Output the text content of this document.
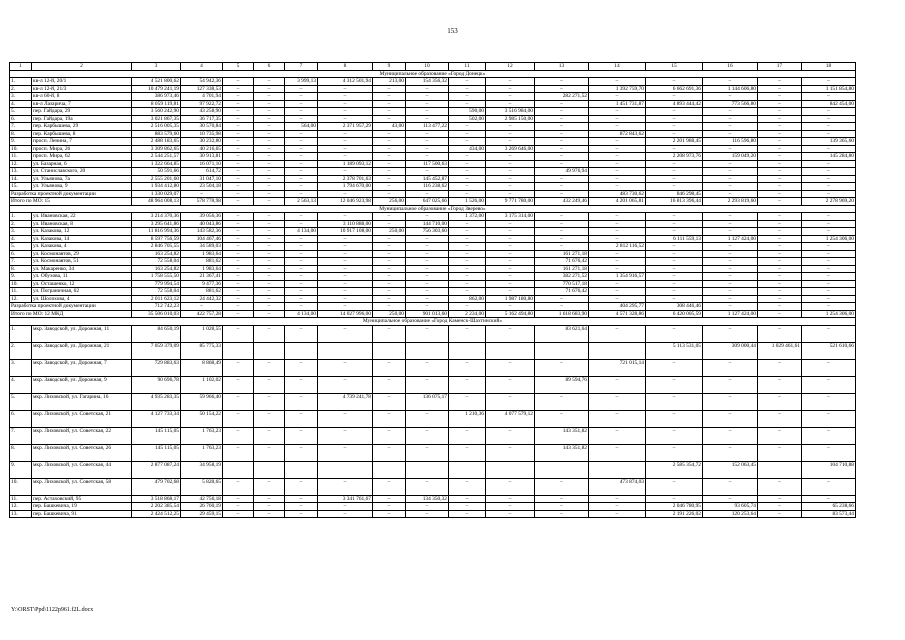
153
1	2	3	4	5	6	7	8	9	10	11	12	13	14	15	16	17	18
Муниципальное образование «Город Донецк»																	
1.	кв-л 12-й, 20/1	4 521 800,62	54 942,36	–	–	3 999,13	4 312 501,94	213,00	154 356,32	–	–	–	–	–	–	–	–
2.	кв-л 12-й, 21/3	10 479 241,19	127 338,53	–	–	–	–	–	–	–	–	–	1 392 759,70	6 662 691,36	1 144 606,80	–	1 151 854,80
3.	кв-л 60-й, 8	386 973,46	4 701,94	–	–	–	–	–	–	–	–	282 271,52	–	–	–	–	–
4.	кв-л Лазарича, 7	8 059 119,81	97 922,72	–	–	–	–	–	–	–	–	–	1 451 731,87	4 893 444,42	773 566,80	–	842 454,00
5.	пер. Гайдара, 29	3 560 242,90	43 258,90	–	–	–	–	–	–	590,00	3 516 984,00	–	–	–	–	–	–
6.	пер. Гайдара, 19а	3 021 867,35	36 717,35	–	–	–	–	–	–	502,00	2 985 150,00	–	–	–	–	–	–
7.	пер. Карбышева, 29	2 516 005,35	30 570,84	–	–	564,00	2 371 957,29	43,00	113 477,22	–	–	–	–	–	–	–	–
8.	пер. Карбышева, 8	883 579,60	10 735,98	–	–	–	–	–	–	–	–	–	872 843,62	–	–	–	–
9.	просп. Ленина, 7	2 488 183,65	30 232,80	–	–	–	–	–	–	–	–	–	–	2 201 988,45	116 596,80	–	139 365,60
10.	просп. Мира, 26	3 309 862,65	40 216,65	–	–	–	–	–	–	434,00	3 269 646,00	–	–	–	–	–	–
11.	просп. Мира, 62	2 544 251,57	30 913,81	–	–	–	–	–	–	–	–	–	–	2 208 973,76	159 049,20	–	145 284,80
12.	ул. Базарная, 6	1 322 664,85	16 071,10	–	–	–	1 189 093,12	–	117 500,63	–	–	–	–	–	–	–	–
13.	ул. Станиславского, 20	50 591,66	614,72	–	–	–	–	–	–	–	–	49 976,94	–	–	–	–	–
14.	ул. Ульянова, 7а	2 555 201,60	31 047,10	–	–	–	2 378 701,63	–	145 452,87	–	–	–	–	–	–	–	–
15.	ул. Ульянова, 9	1 934 412,80	23 504,18	–	–	–	1 794 670,00	–	116 238,62	–	–	–	–	–	–	–	–
Разработка проектной документации		1 330 029,07	–	–	–	–	–	–	–	–	–	–	483 730,62	846 298,45	–	–	–
Итого по МО: 15		48 964 008,13	578 778,98	–	–	2 563,13	12 046 923,98	256,00	647 025,66	1 526,00	9 771 780,00	432 249,46	4 201 065,81	16 813 396,44	2 293 819,60	–	2 278 969,20
Муниципальное образование «Город Зверево»																	
1.	ул. Ивановская, 22	3 214 370,36	39 056,36	–	–	–	–	–	–	1 372,00	3 175 314,00	–	–	–	–	–	–
2.	ул. Ивановская, 8	3 295 641,86	40 043,86	–	–	–	3 110 888,00	–	144 710,00	–	–	–	–	–	–	–	–
3.	ул. Казакова, 12	11 816 994,36	143 582,36	–	–	4 134,00	10 917 108,00	250,00	756 303,60	–	–	–	–	–	–	–	–
4.	ул. Казакова, 14	8 597 756,59	104 467,46	–	–	–	–	–	–	–	–	–	–	6 111 559,13	1 127 424,00	–	1 254 306,00
5.	ул. Казакова, 4	2 846 705,55	34 589,03	–	–	–	–	–	–	–	–	–	2 812 116,52	–	–	–	–
6.	ул. Космонавтов, 29	163 254,82	1 983,64	–	–	–	–	–	–	–	–	161 271,18	–	–	–	–	–
7.	ул. Космонавтов, 51	72 558,04	881,62	–	–	–	–	–	–	–	–	71 676,42	–	–	–	–	–
8.	ул. Макаренко, 34	163 254,82	1 983,64	–	–	–	–	–	–	–	–	161 271,18	–	–	–	–	–
9.	ул. Обухова, 11	1 758 555,50	21 367,41	–	–	–	–	–	–	–	–	382 271,52	1 354 916,57	–	–	–	–
10.	ул. Осташенко, 12	779 994,54	9 477,36	–	–	–	–	–	–	–	–	770 517,18	–	–	–	–	–
11.	ул. Пограничная, 62	72 558,04	881,62	–	–	–	–	–	–	–	–	71 676,42	–	–	–	–	–
12.	ул. Шолохова, 4	2 011 623,12	24 442,32	–	–	–	–	–	–	862,00	1 987 180,80	–	–	–	–	–	–
Разработка проектной документации		712 742,23	–	–	–	–	–	–	–	–	–	–	404 295,77	308 446,46	–	–	–
Итого по МО: 12 МКД		35 506 010,03	422 757,28	–	–	4 134,00	14 027 996,00	250,00	901 013,60	2 234,00	5 162 494,80	1 618 683,90	4 571 328,86	6 420 005,59	1 127 424,00	–	1 254 306,00
Муниципальное образование «Город Каменск-Шахтинский»																	
1.	мкр. Заводской, ул. Дорожная, 11	84 650,19	1 028,55	–	–	–	–	–	–	–	–	83 621,64	–	–	–	–	–
2.	мкр. Заводской, ул. Дорожная, 21	7 059 379,09	85 775,33											5 113 531,05	309 000,44	1 029 461,61	521 610,66
3.	мкр. Заводской, ул. Дорожная, 7	729 883,63	8 868,49	–	–	–	–	–	–	–	–	–	721 015,14	–	–	–	–
4.	мкр. Заводской, ул. Дорожная, 9	90 696,78	1 102,02	–	–	–	–	–	–	–	–	89 594,76	–	–	–	–	–
5.	мкр. Лиховской, ул. Гагарина, 16	4 935 283,35	59 966,40	–	–	–	4 739 241,78	–	136 075,17	–	–	–	–	–	–	–	–
6.	мкр. Лиховской, ул. Советская, 21	4 127 733,34	50 154,22	–	–	–	–	–	–	1 210,36	4 077 579,12	–	–	–	–	–	–
7.	мкр. Лиховской, ул. Советская, 22	145 115,05	1 763,23	–	–	–	–	–	–	–	–	143 351,82	–	–	–	–	–
8.	мкр. Лиховской, ул. Советская, 26	145 115,05	1 763,23	–	–	–	–	–	–	–	–	143 351,82	–	–	–	–	–
9.	мкр. Лиховской, ул. Советская, 44	2 877 087,24	34 958,19											2 585 354,72	152 063,45		104 710,88
10.	мкр. Лиховской, ул. Советская, 58	479 702,68	5 828,65	–	–	–	–	–	–	–	–	–	473 874,03	–	–	–	–
11.	пер. Астаховский, 95	3 518 868,17	42 756,18	–	–	–	3 341 761,67	–	134 350,32	–	–	–	–	–	–	–	–
12.	пер. Башкевича, 19	2 202 385,54	26 760,19	–	–	–	–	–	–	–	–	–	–	2 046 780,95	93 605,74	–	65 238,66
13.	пер. Башкевича, 91	2 424 512,25	29 459,15	–	–	–	–	–	–	–	–	–	–	2 191 226,02	120 253,64	–	83 573,44
Y:\ORST\Ppd\1122p961.f2L.docx
